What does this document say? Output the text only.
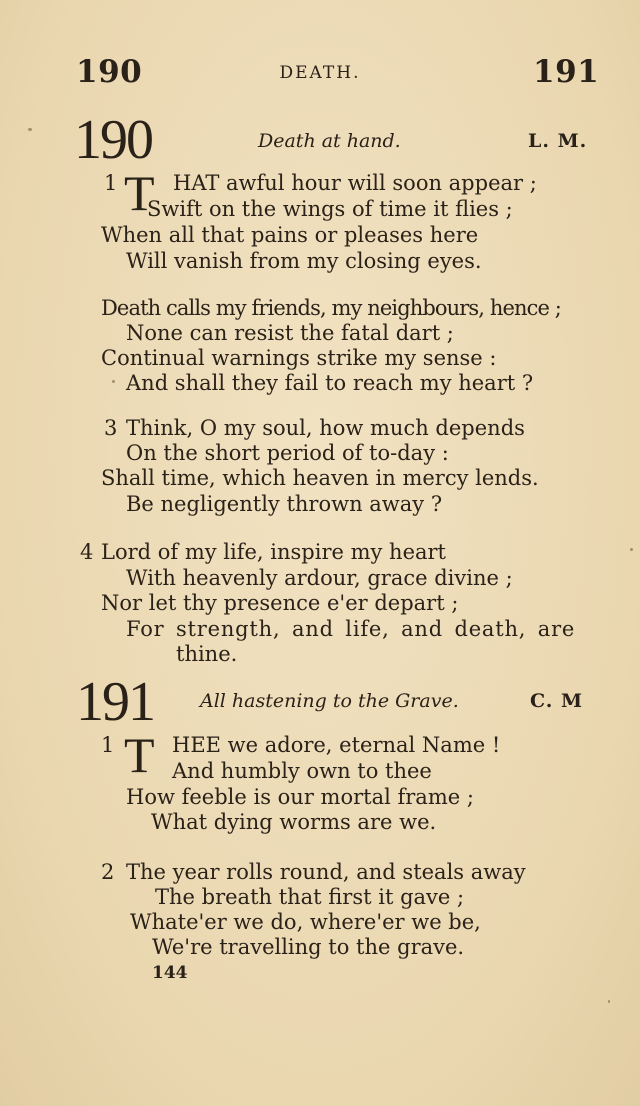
190	DEATH.	191
190	Death at hand.	L. M.
1 T HAT awful hour will soon appear ;
Swift on the wings of time it flies ;
When all that pains or pleases here
Will vanish from my closing eyes.
Death calls my friends, my neighbours, hence ;
None can resist the fatal dart ;
Continual warnings strike my sense :
And shall they fail to reach my heart ?
3 Think, O my soul, how much depends
On the short period of to-day :
Shall time, which heaven in mercy lends.
Be negligently thrown away ?
4 Lord of my life, inspire my heart
With heavenly ardour, grace divine ;
Nor let thy presence e'er depart ;
For strength, and life, and death, are
thine.
191 All hastening to the Grave.	C. M
1 T HEE we adore, eternal Name !
And humbly own to thee
How feeble is our mortal frame ;
What dying worms are we.
2 The year rolls round, and steals away
The breath that first it gave ;
Whate'er we do, where'er we be,
We're travelling to the grave.
144
